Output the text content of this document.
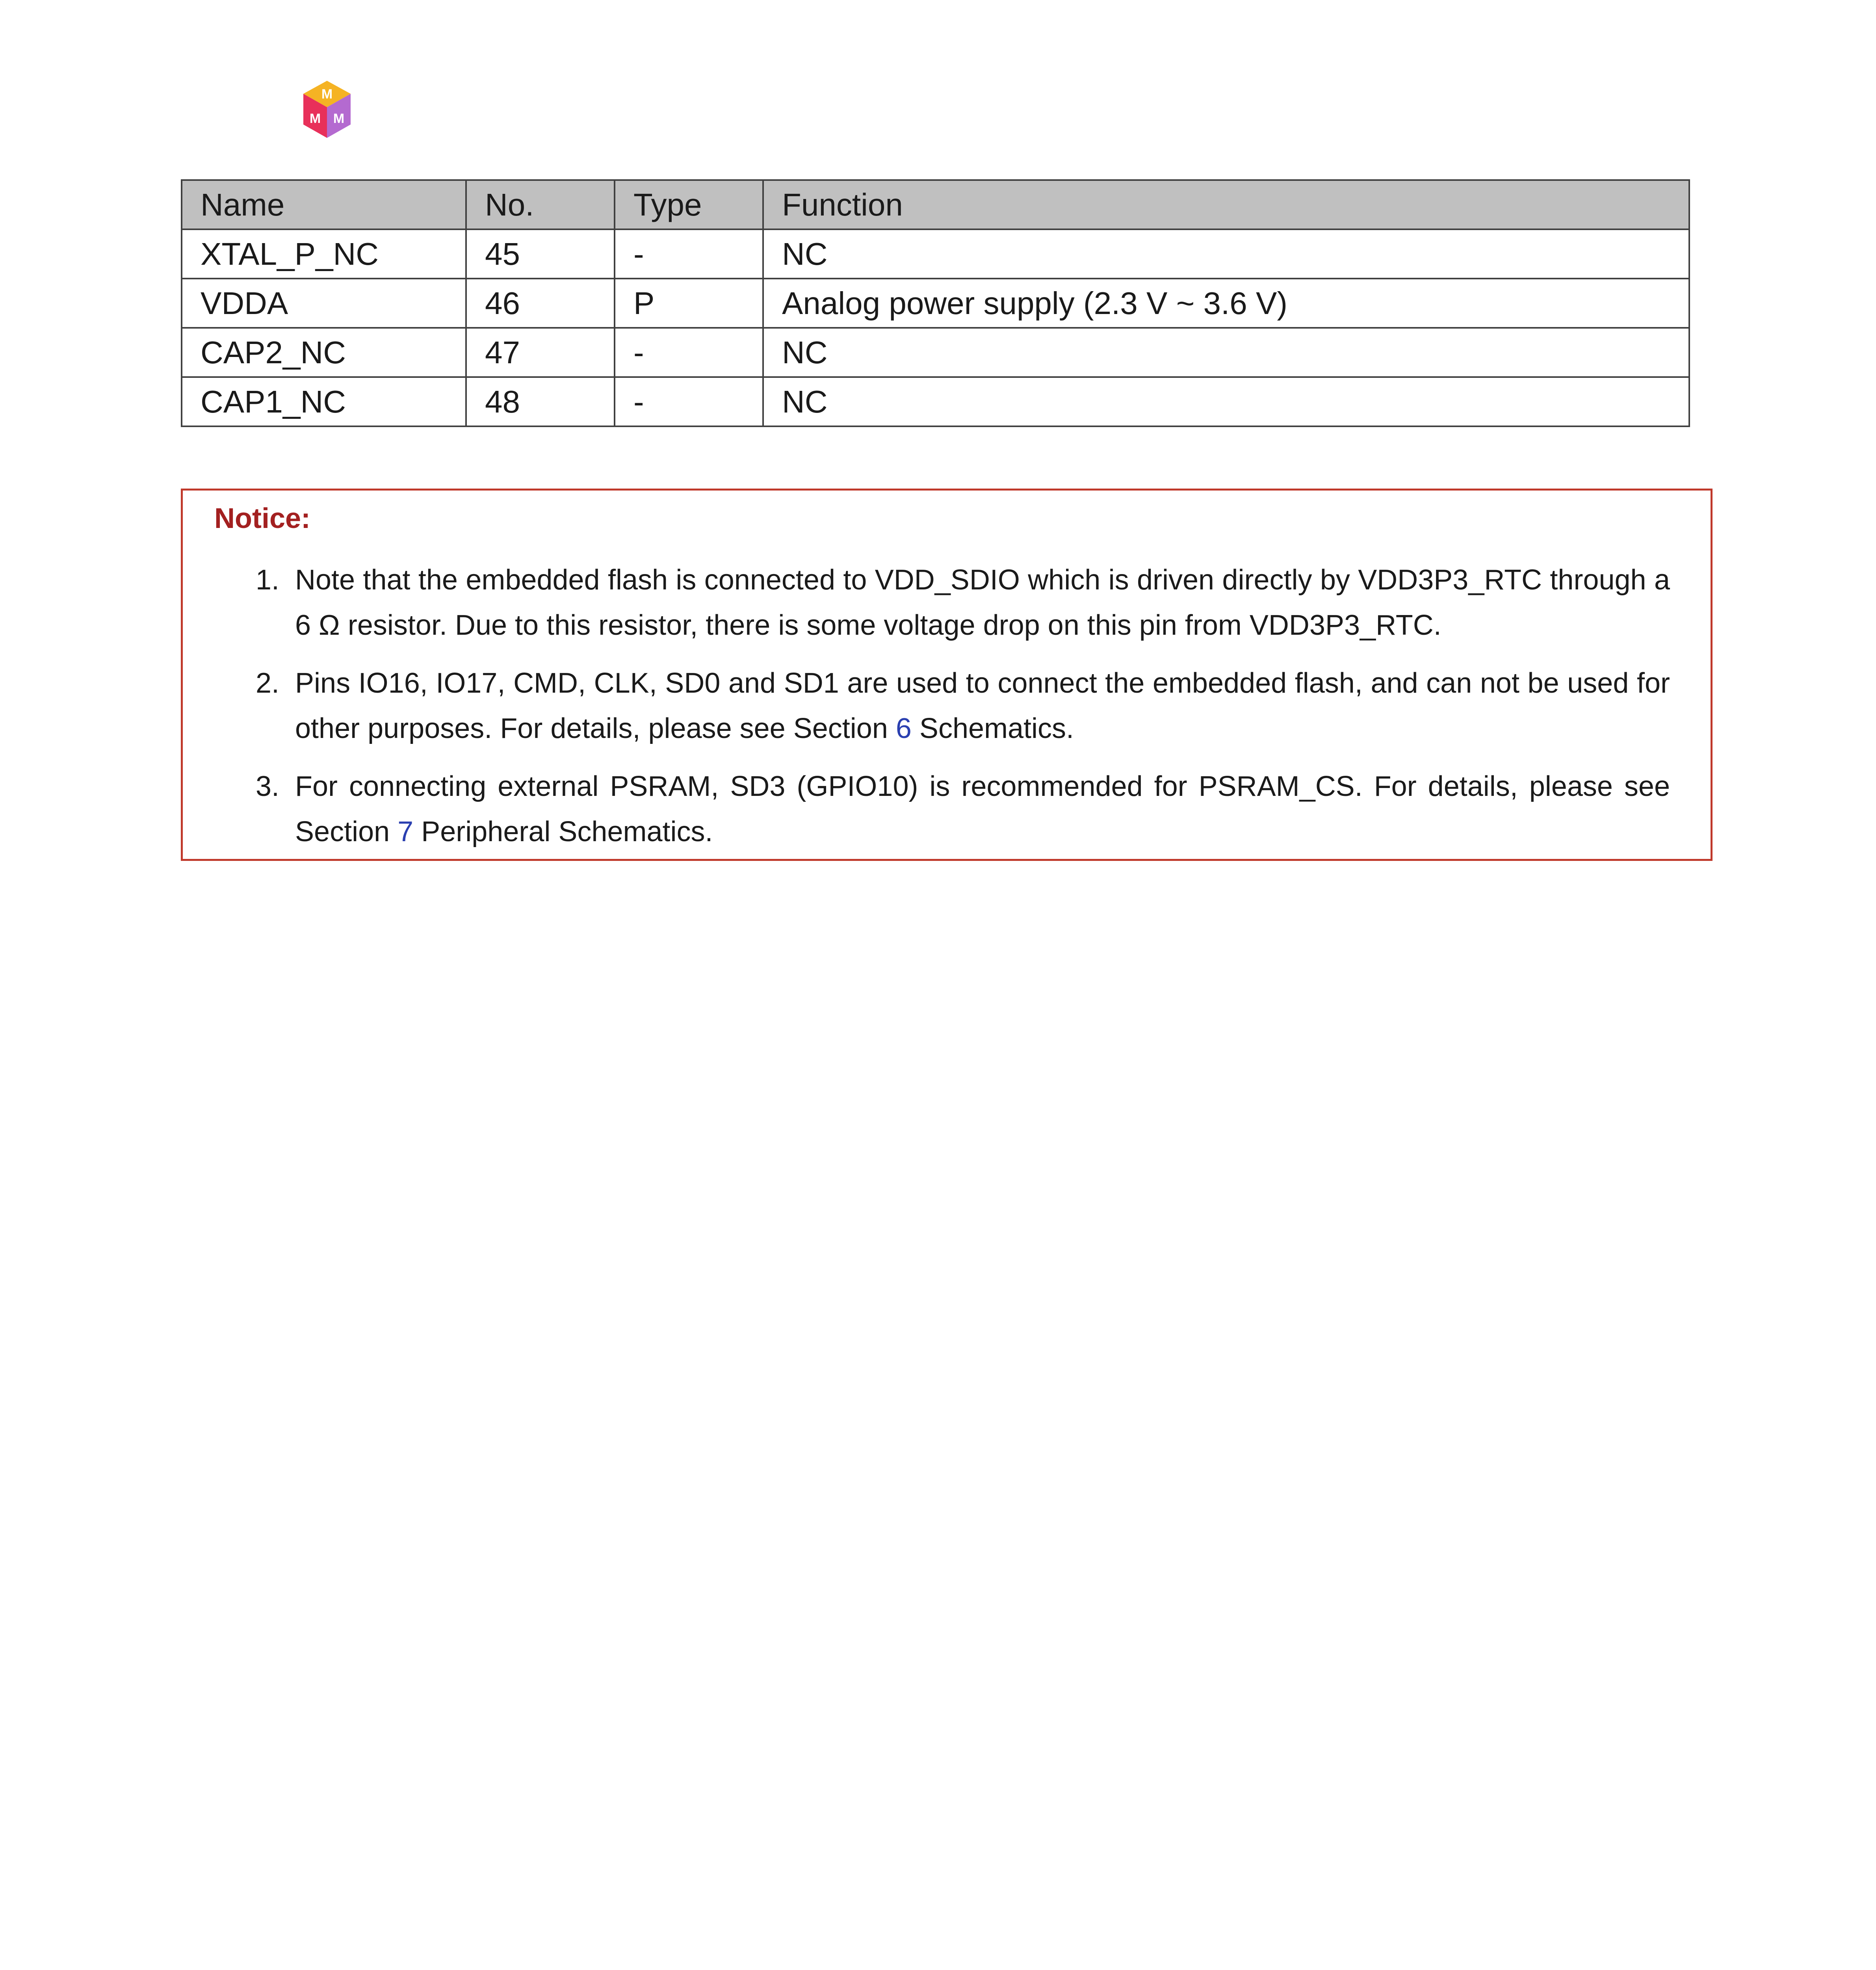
M
M M
Name	No.	Type	Function
XTAL_P_NC	45	-	NC
VDDA	46	P	Analog power supply (2.3 V ~ 3.6 V)
CAP2_NC	47	-	NC
CAP1_NC	48	-	NC
Notice:
1. Note that the embedded flash is connected to VDD_SDIO which is driven directly by VDD3P3_RTC through a 6 Ω resistor. Due to this resistor, there is some voltage drop on this pin from VDD3P3_RTC.
2. Pins IO16, IO17, CMD, CLK, SD0 and SD1 are used to connect the embedded flash, and can not be used for other purposes. For details, please see Section 6 Schematics.
3. For connecting external PSRAM, SD3 (GPIO10) is recommended for PSRAM_CS. For details, please see Section 7 Peripheral Schematics.
